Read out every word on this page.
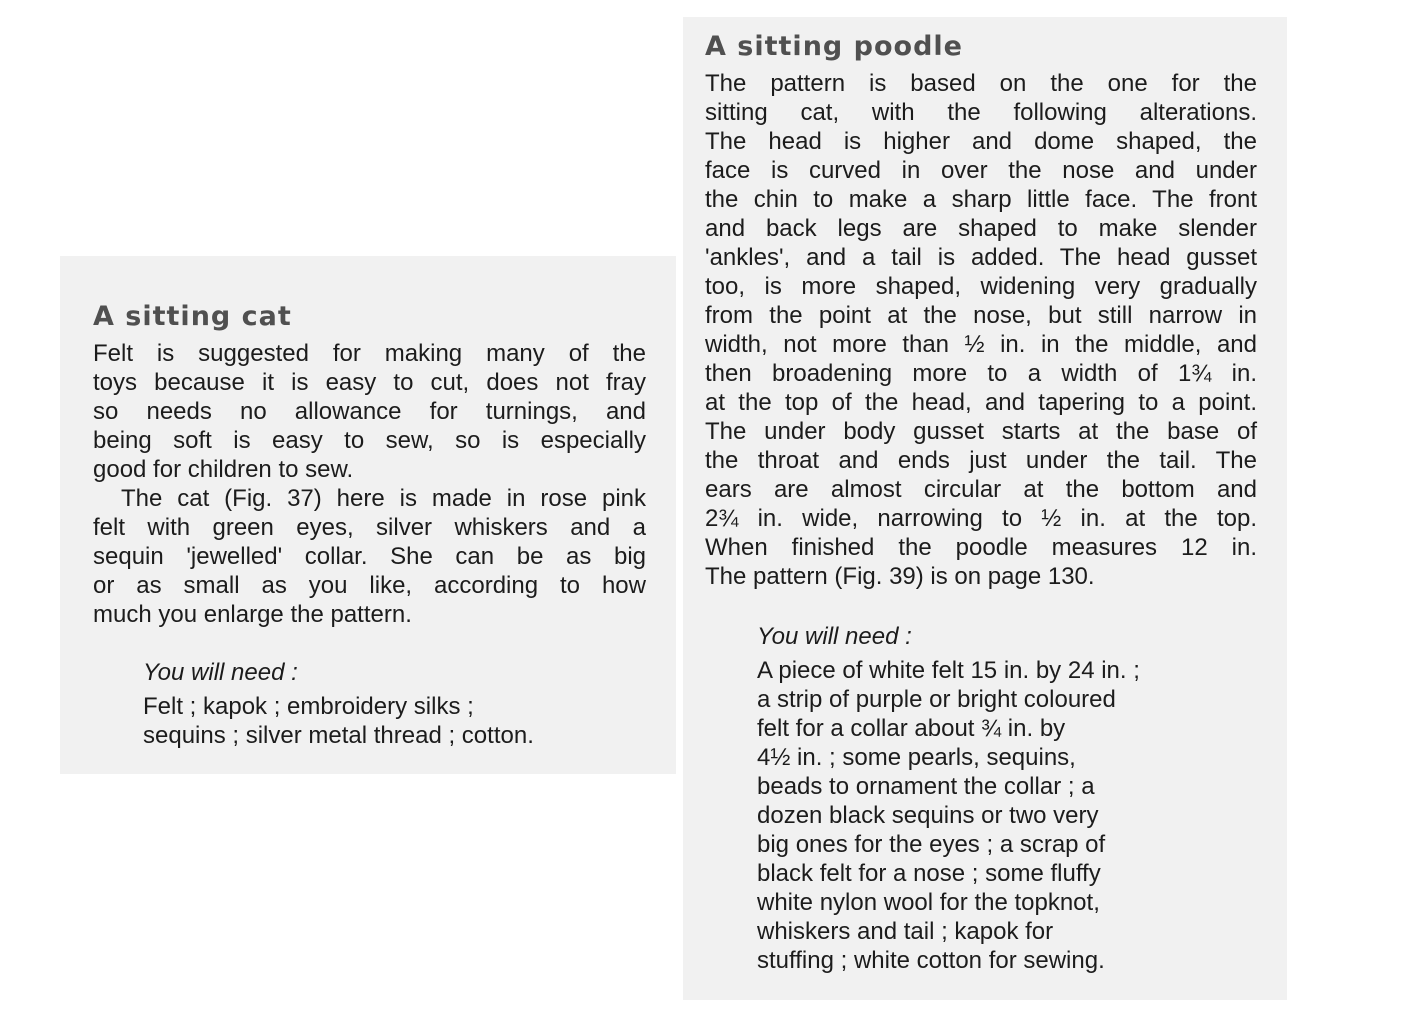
A sitting cat

Felt is suggested for making many of the
toys because it is easy to cut, does not fray
so needs no allowance for turnings, and
being soft is easy to sew, so is especially
good for children to sew.
The cat (Fig. 37) here is made in rose pink
felt with green eyes, silver whiskers and a
sequin 'jewelled' collar. She can be as big
or as small as you like, according to how
much you enlarge the pattern.

You will need :
Felt ; kapok ; embroidery silks ;
sequins ; silver metal thread ; cotton.
A sitting poodle

The pattern is based on the one for the
sitting cat, with the following alterations.
The head is higher and dome shaped, the
face is curved in over the nose and under
the chin to make a sharp little face. The front
and back legs are shaped to make slender
'ankles', and a tail is added. The head gusset
too, is more shaped, widening very gradually
from the point at the nose, but still narrow in
width, not more than ½ in. in the middle, and
then broadening more to a width of 1¾ in.
at the top of the head, and tapering to a point.
The under body gusset starts at the base of
the throat and ends just under the tail. The
ears are almost circular at the bottom and
2¾ in. wide, narrowing to ½ in. at the top.
When finished the poodle measures 12 in.
The pattern (Fig. 39) is on page 130.

You will need :
A piece of white felt 15 in. by 24 in. ;
a strip of purple or bright coloured
felt for a collar about ¾ in. by
4½ in. ; some pearls, sequins,
beads to ornament the collar ; a
dozen black sequins or two very
big ones for the eyes ; a scrap of
black felt for a nose ; some fluffy
white nylon wool for the topknot,
whiskers and tail ; kapok for
stuffing ; white cotton for sewing.
